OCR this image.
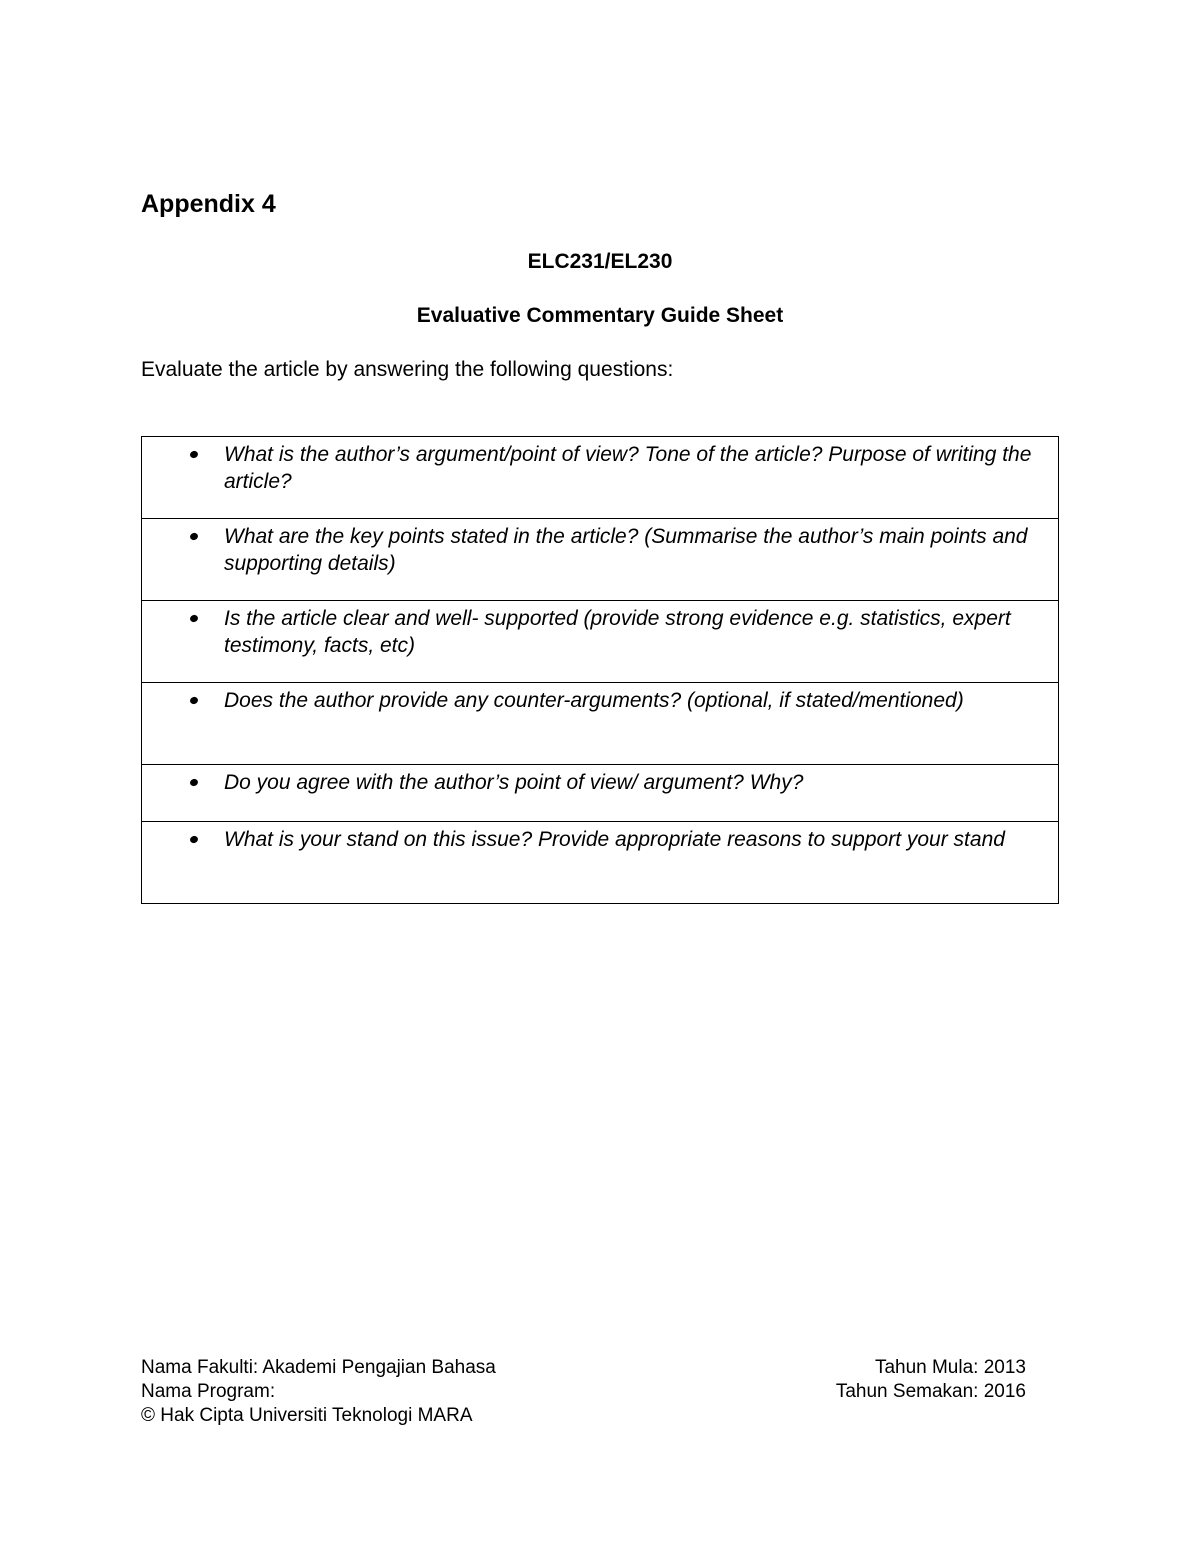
Appendix 4
ELC231/EL230
Evaluative Commentary Guide Sheet
Evaluate the article by answering the following questions:
What is the author’s argument/point of view? Tone of the article? Purpose of writing the article?

What are the key points stated in the article? (Summarise the author’s main points and supporting details)

Is the article clear and well- supported (provide strong evidence e.g. statistics, expert     testimony, facts, etc)

Does the author provide any counter-arguments? (optional, if stated/mentioned)

Do you agree with the author’s point of view/ argument? Why?

What is your stand on this issue? Provide appropriate reasons to support your stand
Nama Fakulti: Akademi Pengajian Bahasa
Nama Program:
© Hak Cipta Universiti Teknologi MARA
Tahun Mula: 2013
Tahun Semakan: 2016
